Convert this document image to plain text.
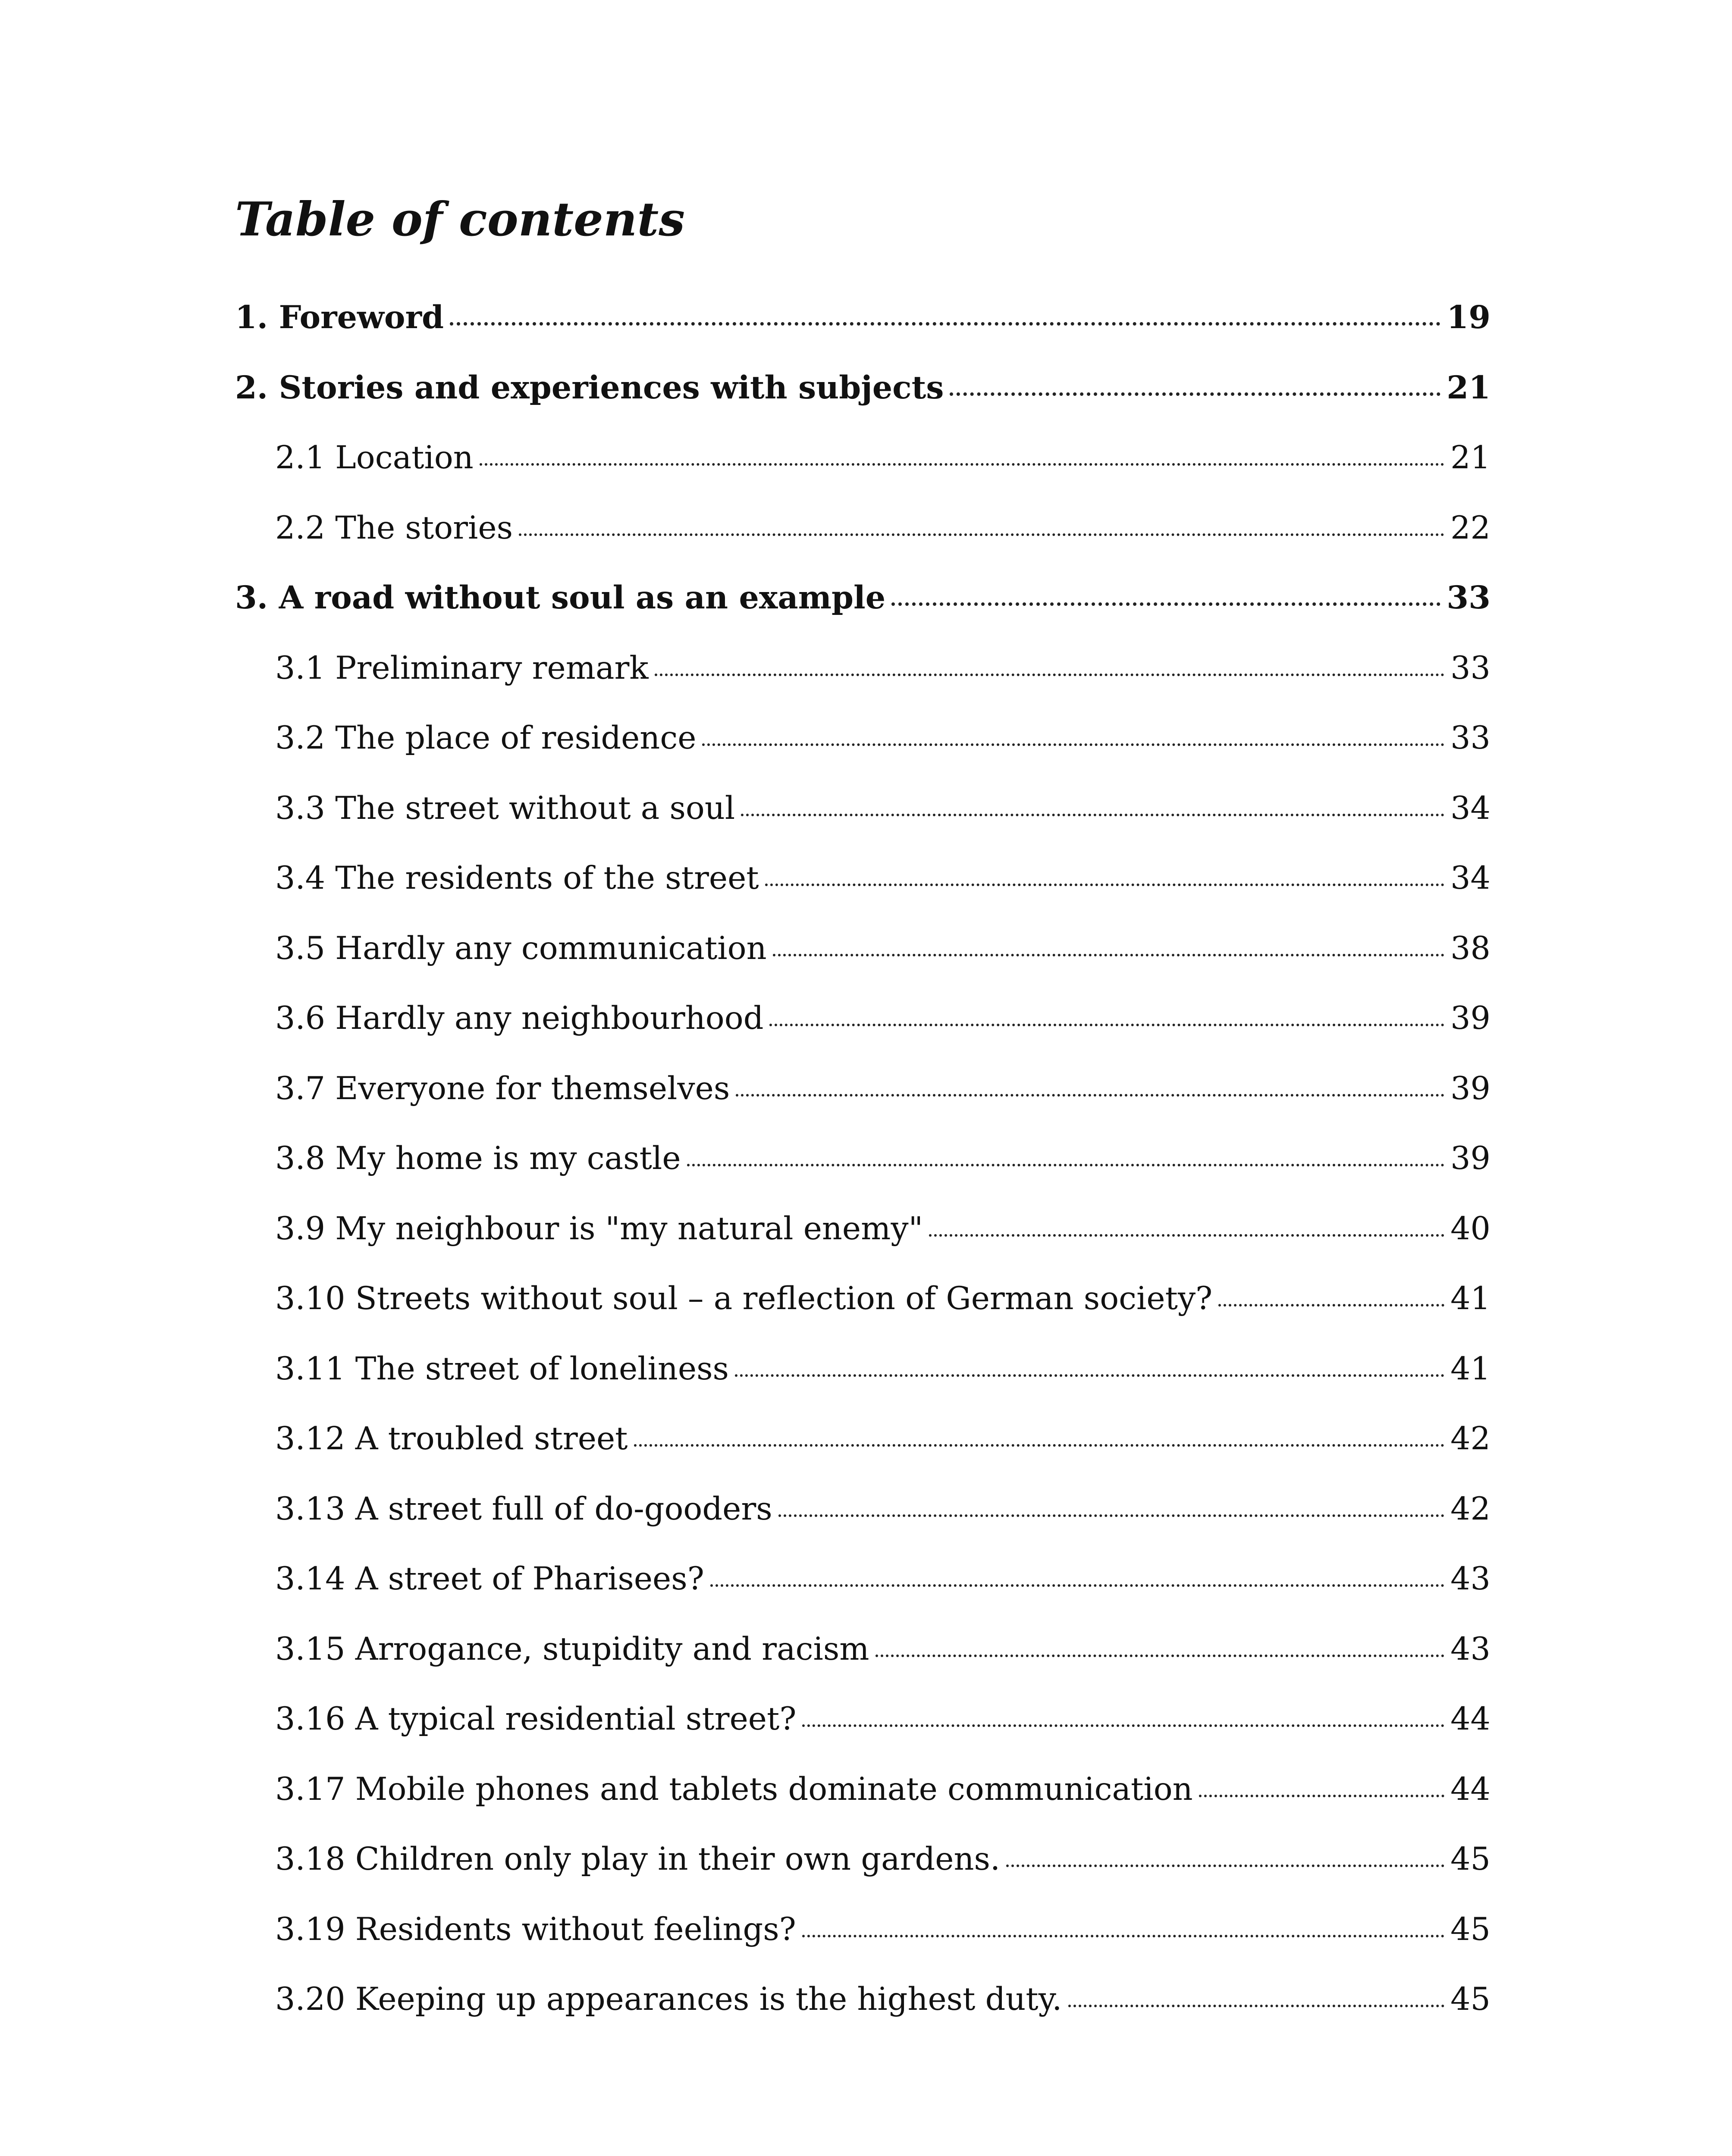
Table of contents
1. Foreword	19
2. Stories and experiences with subjects	21
2.1 Location	21
2.2 The stories	22
3. A road without soul as an example	33
3.1 Preliminary remark	33
3.2 The place of residence	33
3.3 The street without a soul	34
3.4 The residents of the street	34
3.5 Hardly any communication	38
3.6 Hardly any neighbourhood	39
3.7 Everyone for themselves	39
3.8 My home is my castle	39
3.9 My neighbour is "my natural enemy"	40
3.10 Streets without soul – a reflection of German society?	41
3.11 The street of loneliness	41
3.12 A troubled street	42
3.13 A street full of do-gooders	42
3.14 A street of Pharisees?	43
3.15 Arrogance, stupidity and racism	43
3.16 A typical residential street?	44
3.17 Mobile phones and tablets dominate communication	44
3.18 Children only play in their own gardens.	45
3.19 Residents without feelings?	45
3.20 Keeping up appearances is the highest duty.	45
